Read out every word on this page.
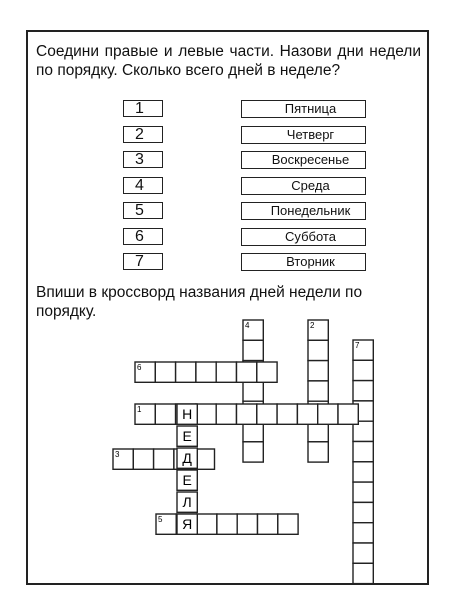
Соедини правые и левые части. Назови дни недели по порядку. Сколько всего дней в неделе?
1
2
3
4
5
6
7
Пятница
Четверг
Воскресенье
Среда
Понедельник
Суббота
Вторник
Впиши в кроссворд названия дней недели по порядку.
4	2
7
6
1
3
5
Н
Е
Д
Е
Л
Я
